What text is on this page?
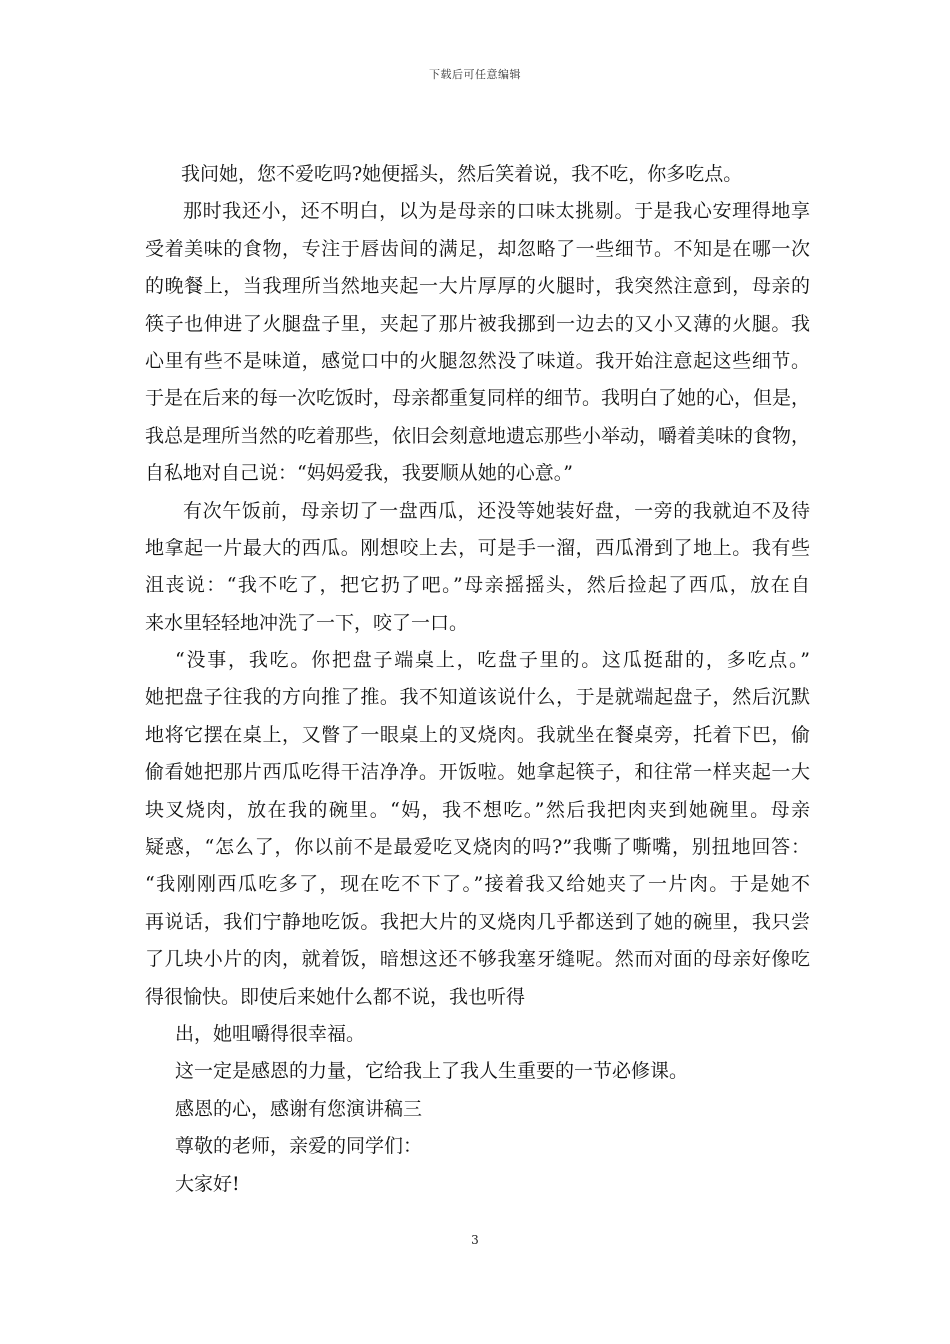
下载后可任意编辑
我问她，您不爱吃吗?她便摇头，然后笑着说，我不吃，你多吃点。
那时我还小，还不明白，以为是母亲的口味太挑剔。于是我心安理得地享
受着美味的食物，专注于唇齿间的满足，却忽略了一些细节。不知是在哪一次
的晚餐上，当我理所当然地夹起一大片厚厚的火腿时，我突然注意到，母亲的
筷子也伸进了火腿盘子里，夹起了那片被我挪到一边去的又小又薄的火腿。我
心里有些不是味道，感觉口中的火腿忽然没了味道。我开始注意起这些细节。
于是在后来的每一次吃饭时，母亲都重复同样的细节。我明白了她的心，但是，
我总是理所当然的吃着那些，依旧会刻意地遗忘那些小举动，嚼着美味的食物，
自私地对自己说：“妈妈爱我，我要顺从她的心意。”
有次午饭前，母亲切了一盘西瓜，还没等她装好盘，一旁的我就迫不及待
地拿起一片最大的西瓜。刚想咬上去，可是手一溜，西瓜滑到了地上。我有些
沮丧说：“我不吃了，把它扔了吧。”母亲摇摇头，然后捡起了西瓜，放在自
来水里轻轻地冲洗了一下，咬了一口。
“没事，我吃。你把盘子端桌上，吃盘子里的。这瓜挺甜的，多吃点。”
她把盘子往我的方向推了推。我不知道该说什么，于是就端起盘子，然后沉默
地将它摆在桌上，又瞥了一眼桌上的叉烧肉。我就坐在餐桌旁，托着下巴，偷
偷看她把那片西瓜吃得干洁净净。开饭啦。她拿起筷子，和往常一样夹起一大
块叉烧肉，放在我的碗里。“妈，我不想吃。”然后我把肉夹到她碗里。母亲
疑惑，“怎么了，你以前不是最爱吃叉烧肉的吗?”我嘶了嘶嘴，别扭地回答：
“我刚刚西瓜吃多了，现在吃不下了。”接着我又给她夹了一片肉。于是她不
再说话，我们宁静地吃饭。我把大片的叉烧肉几乎都送到了她的碗里，我只尝
了几块小片的肉，就着饭，暗想这还不够我塞牙缝呢。然而对面的母亲好像吃
得很愉快。即使后来她什么都不说，我也听得
出，她咀嚼得很幸福。
这一定是感恩的力量，它给我上了我人生重要的一节必修课。
感恩的心，感谢有您演讲稿三
尊敬的老师，亲爱的同学们：
大家好!
3
